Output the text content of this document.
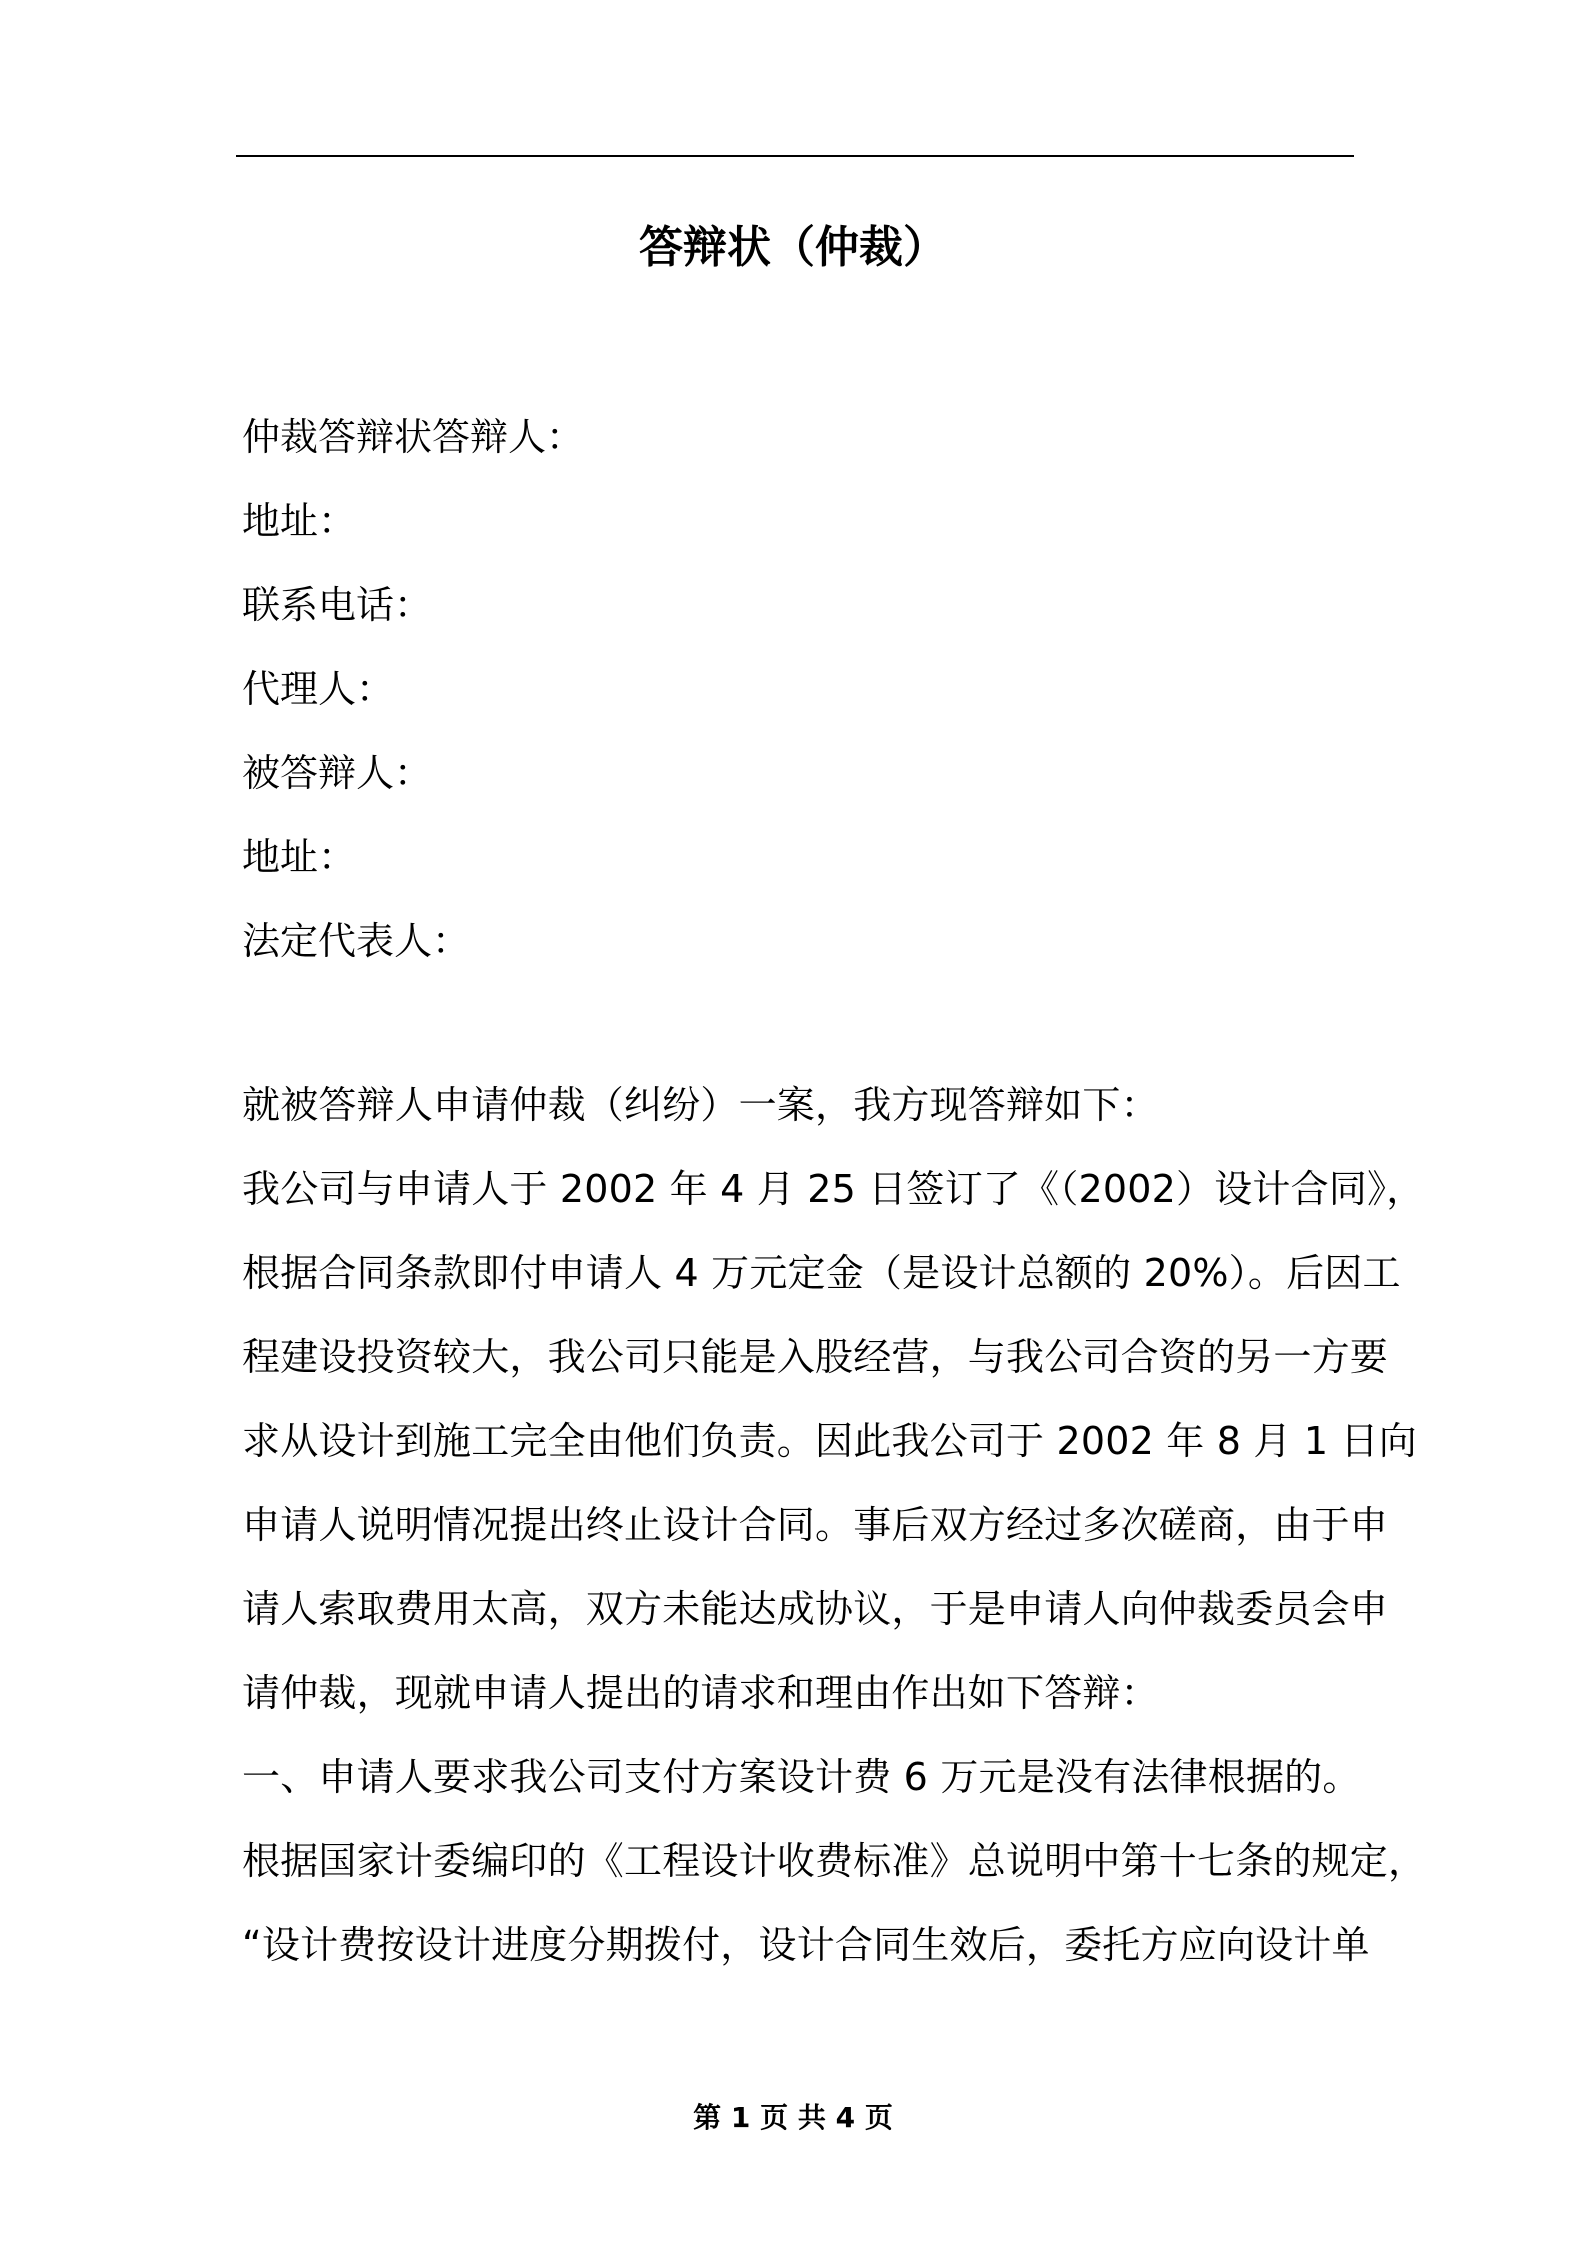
答辩状（仲裁）
仲裁答辩状答辩人：
地址：
联系电话：
代理人：
被答辩人：
地址：
法定代表人：
就被答辩人申请仲裁（纠纷）一案，我方现答辩如下：
我公司与申请人于 2002 年 4 月 25 日签订了《（2002）设计合同》，
根据合同条款即付申请人 4 万元定金（是设计总额的 20%）。后因工
程建设投资较大，我公司只能是入股经营，与我公司合资的另一方要
求从设计到施工完全由他们负责。因此我公司于 2002 年 8 月 1 日向
申请人说明情况提出终止设计合同。事后双方经过多次磋商，由于申
请人索取费用太高，双方未能达成协议，于是申请人向仲裁委员会申
请仲裁，现就申请人提出的请求和理由作出如下答辩：
一、申请人要求我公司支付方案设计费 6 万元是没有法律根据的。
根据国家计委编印的《工程设计收费标准》总说明中第十七条的规定，
“设计费按设计进度分期拨付，设计合同生效后，委托方应向设计单
第 1 页 共 4 页
